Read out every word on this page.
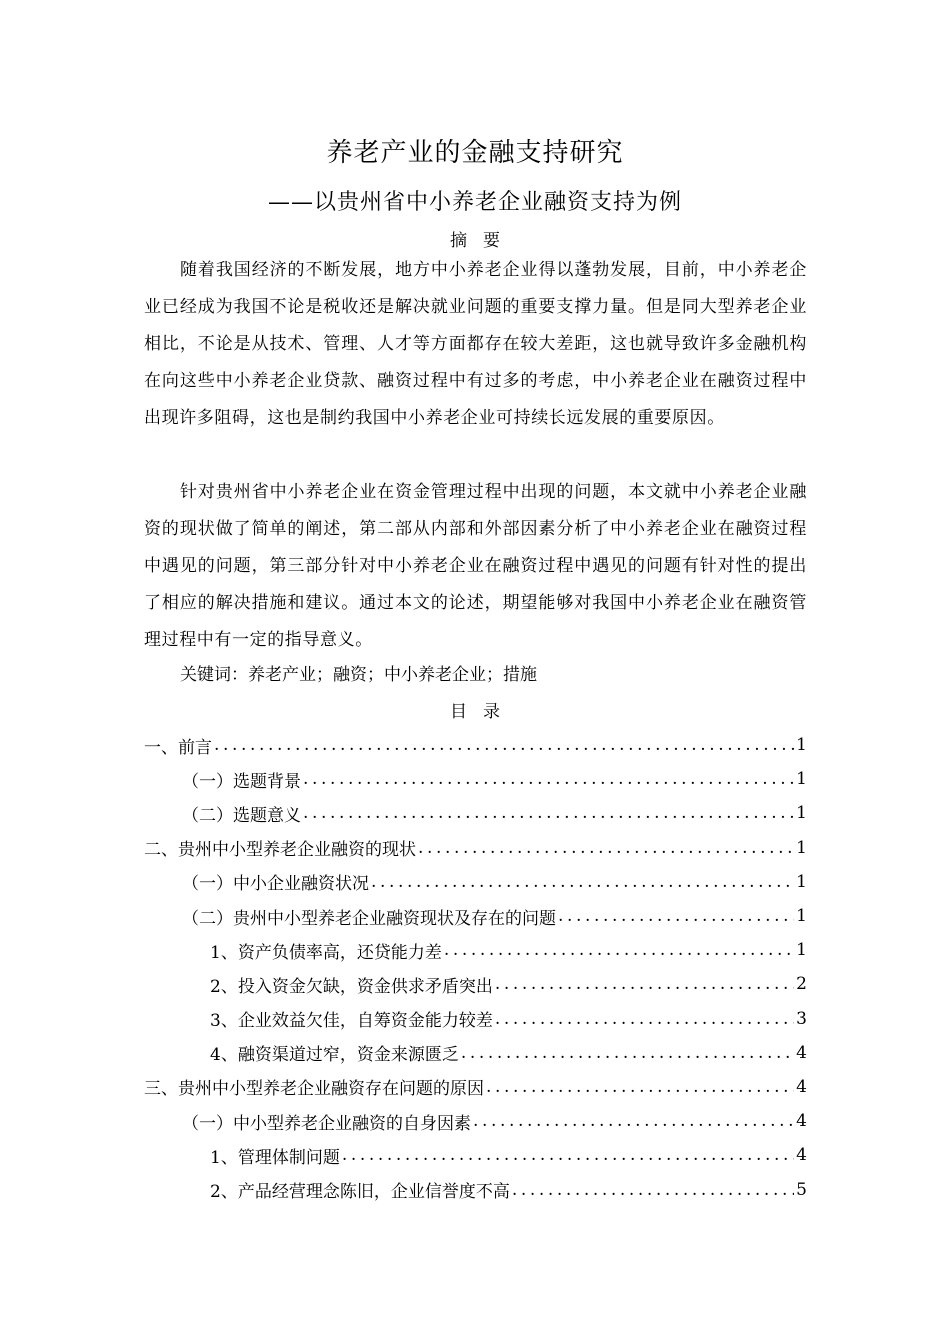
养老产业的金融支持研究
——以贵州省中小养老企业融资支持为例
摘要

随着我国经济的不断发展，地方中小养老企业得以蓬勃发展，目前，中小养老企业已经成为我国不论是税收还是解决就业问题的重要支撑力量。但是同大型养老企业相比，不论是从技术、管理、人才等方面都存在较大差距，这也就导致许多金融机构在向这些中小养老企业贷款、融资过程中有过多的考虑，中小养老企业在融资过程中出现许多阻碍，这也是制约我国中小养老企业可持续长远发展的重要原因。

针对贵州省中小养老企业在资金管理过程中出现的问题，本文就中小养老企业融资的现状做了简单的阐述，第二部从内部和外部因素分析了中小养老企业在融资过程中遇见的问题，第三部分针对中小养老企业在融资过程中遇见的问题有针对性的提出了相应的解决措施和建议。通过本文的论述，期望能够对我国中小养老企业在融资管理过程中有一定的指导意义。

关键词：养老产业；融资；中小养老企业；措施
目录
一、前言 .....	1
（一）选题背景 .....	1
（二）选题意义 .....	1
二、贵州中小型养老企业融资的现状 .....	1
（一）中小企业融资状况 .....	1
（二）贵州中小型养老企业融资现状及存在的问题 .....	1
1、资产负债率高，还贷能力差 .....	1
2、投入资金欠缺，资金供求矛盾突出 .....	2
3、企业效益欠佳，自筹资金能力较差 .....	3
4、融资渠道过窄，资金来源匮乏 .....	4
三、贵州中小型养老企业融资存在问题的原因 .....	4
（一）中小型养老企业融资的自身因素 .....	4
1、管理体制问题 .....	4
2、产品经营理念陈旧，企业信誉度不高 .....	5
